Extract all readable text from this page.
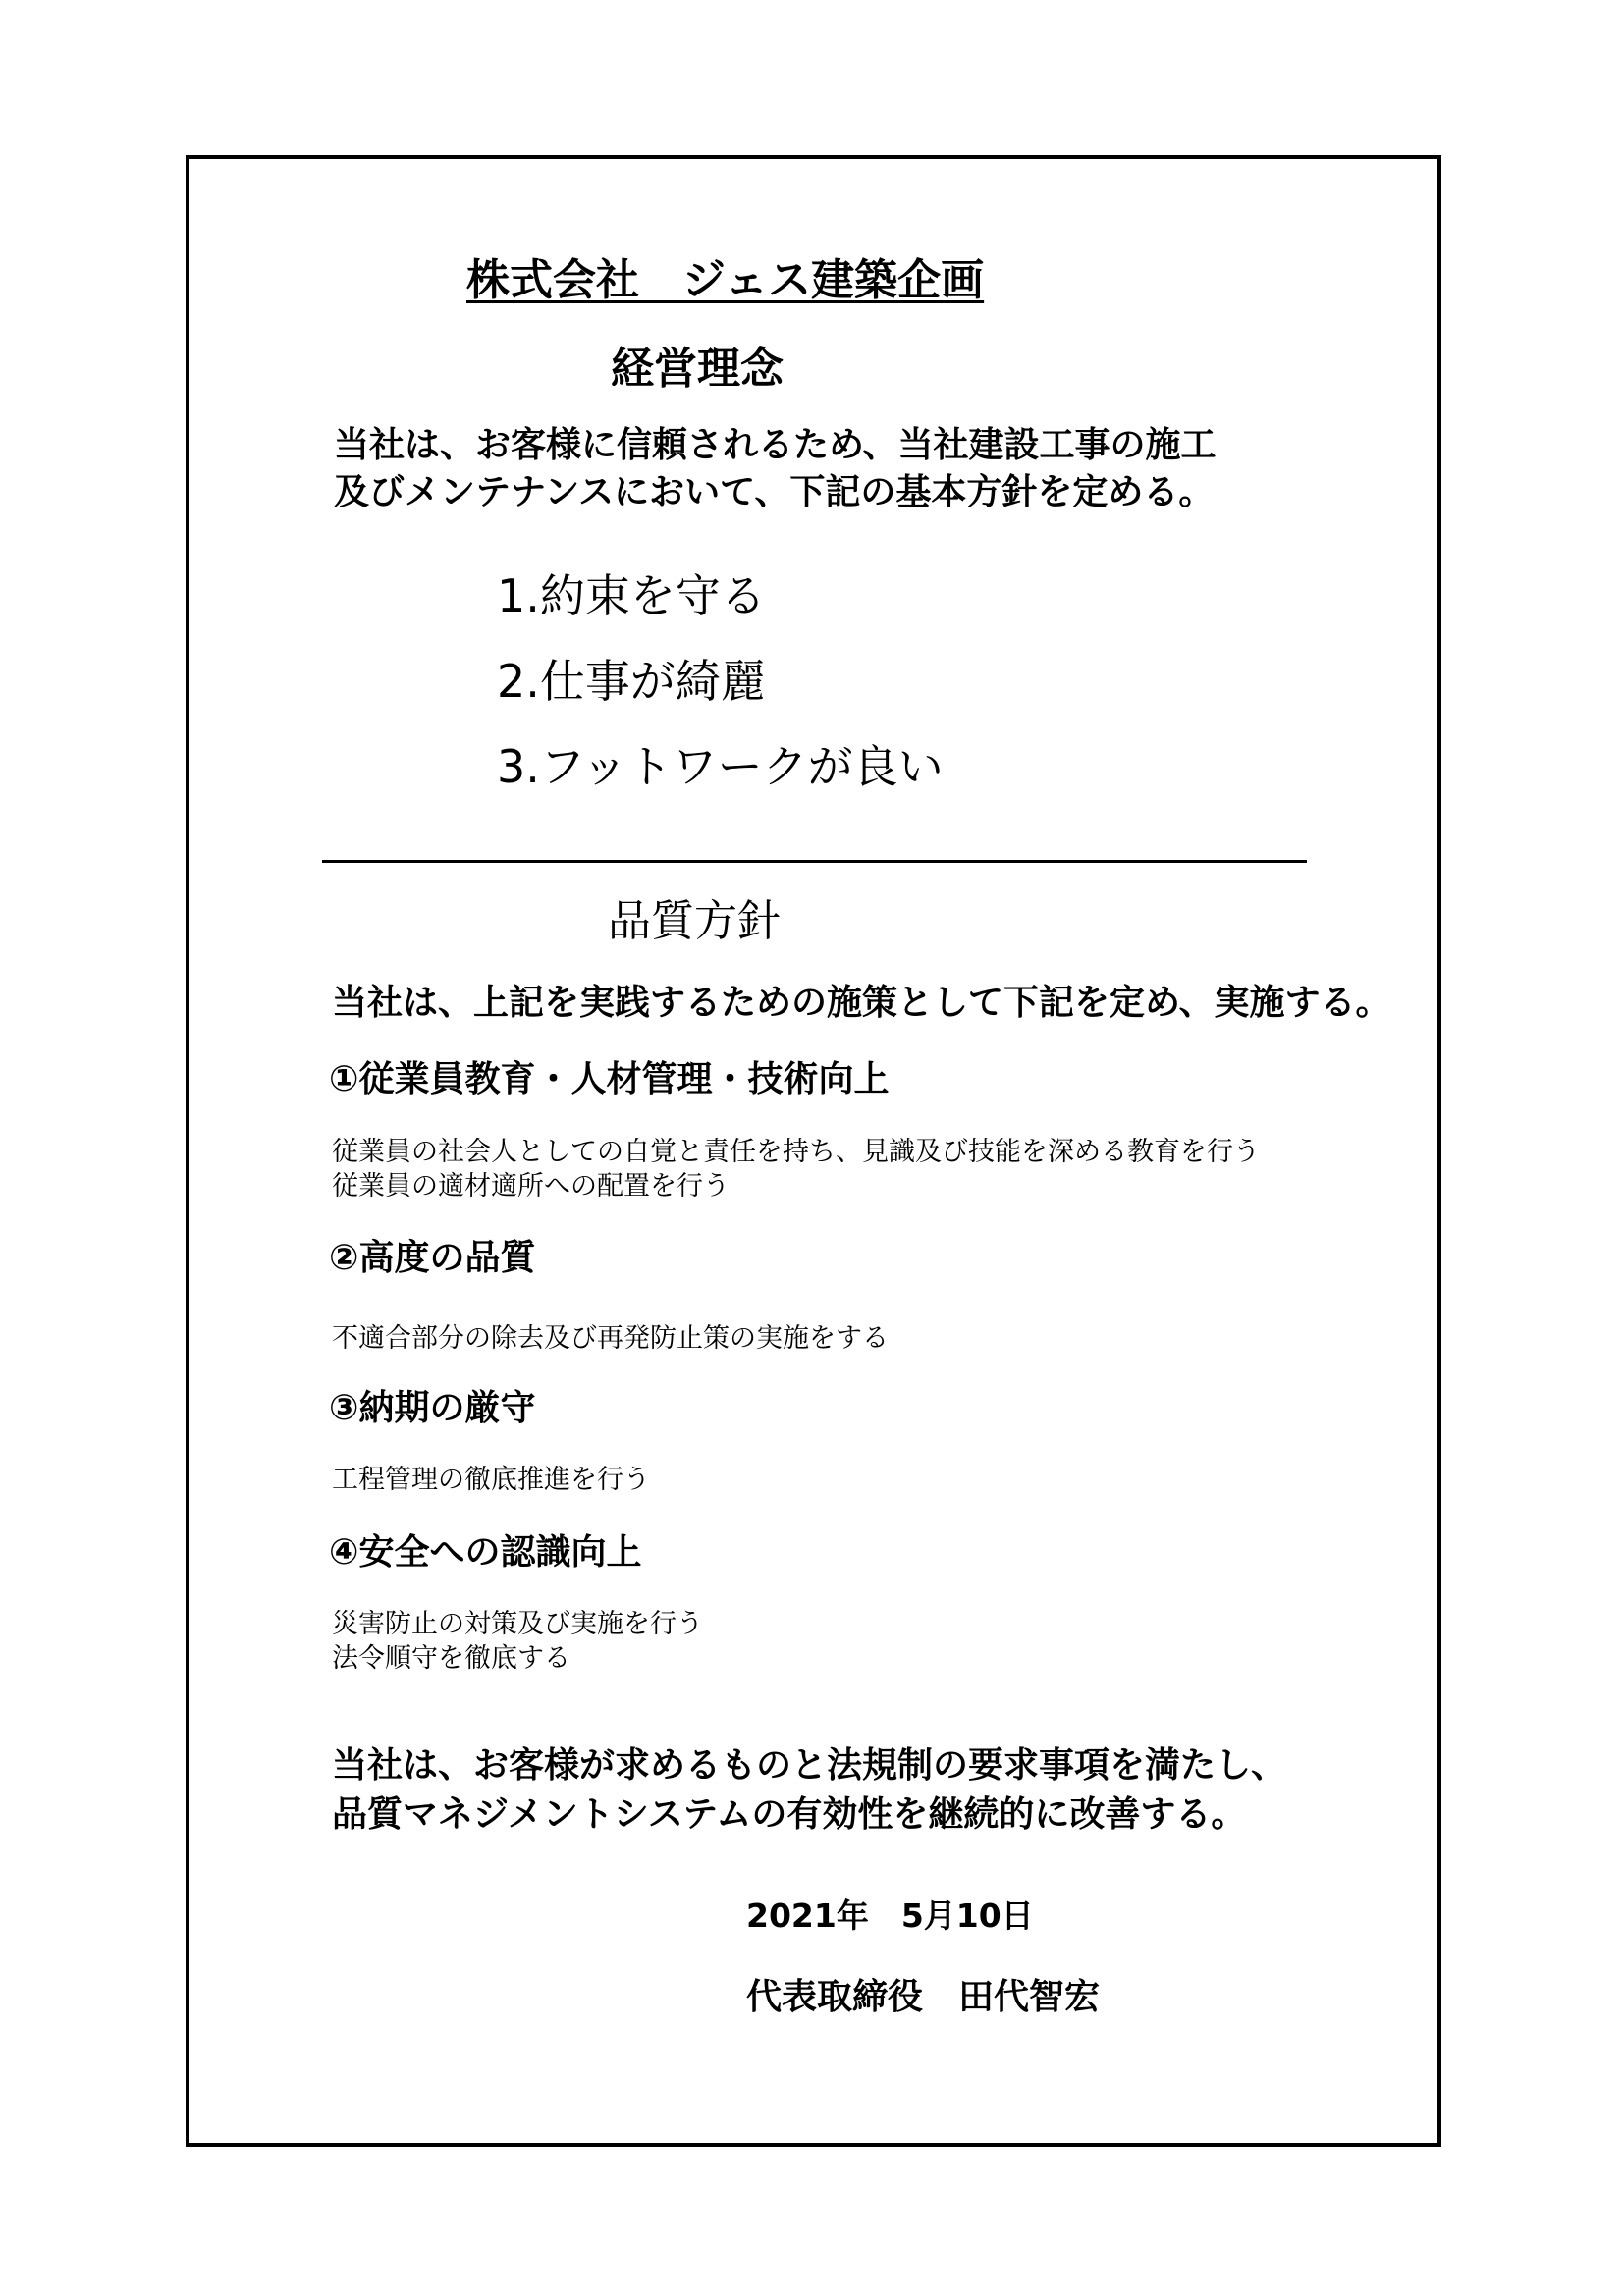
株式会社　ジェス建築企画
経営理念
当社は、お客様に信頼されるため、当社建設工事の施工
及びメンテナンスにおいて、下記の基本方針を定める。
1.約束を守る
2.仕事が綺麗
3.フットワークが良い
品質方針
当社は、上記を実践するための施策として下記を定め、実施する。
①従業員教育・人材管理・技術向上
従業員の社会人としての自覚と責任を持ち、見識及び技能を深める教育を行う
従業員の適材適所への配置を行う
②高度の品質
不適合部分の除去及び再発防止策の実施をする
③納期の厳守
工程管理の徹底推進を行う
④安全への認識向上
災害防止の対策及び実施を行う
法令順守を徹底する
当社は、お客様が求めるものと法規制の要求事項を満たし、
品質マネジメントシステムの有効性を継続的に改善する。
2021年　5月10日
代表取締役　田代智宏
